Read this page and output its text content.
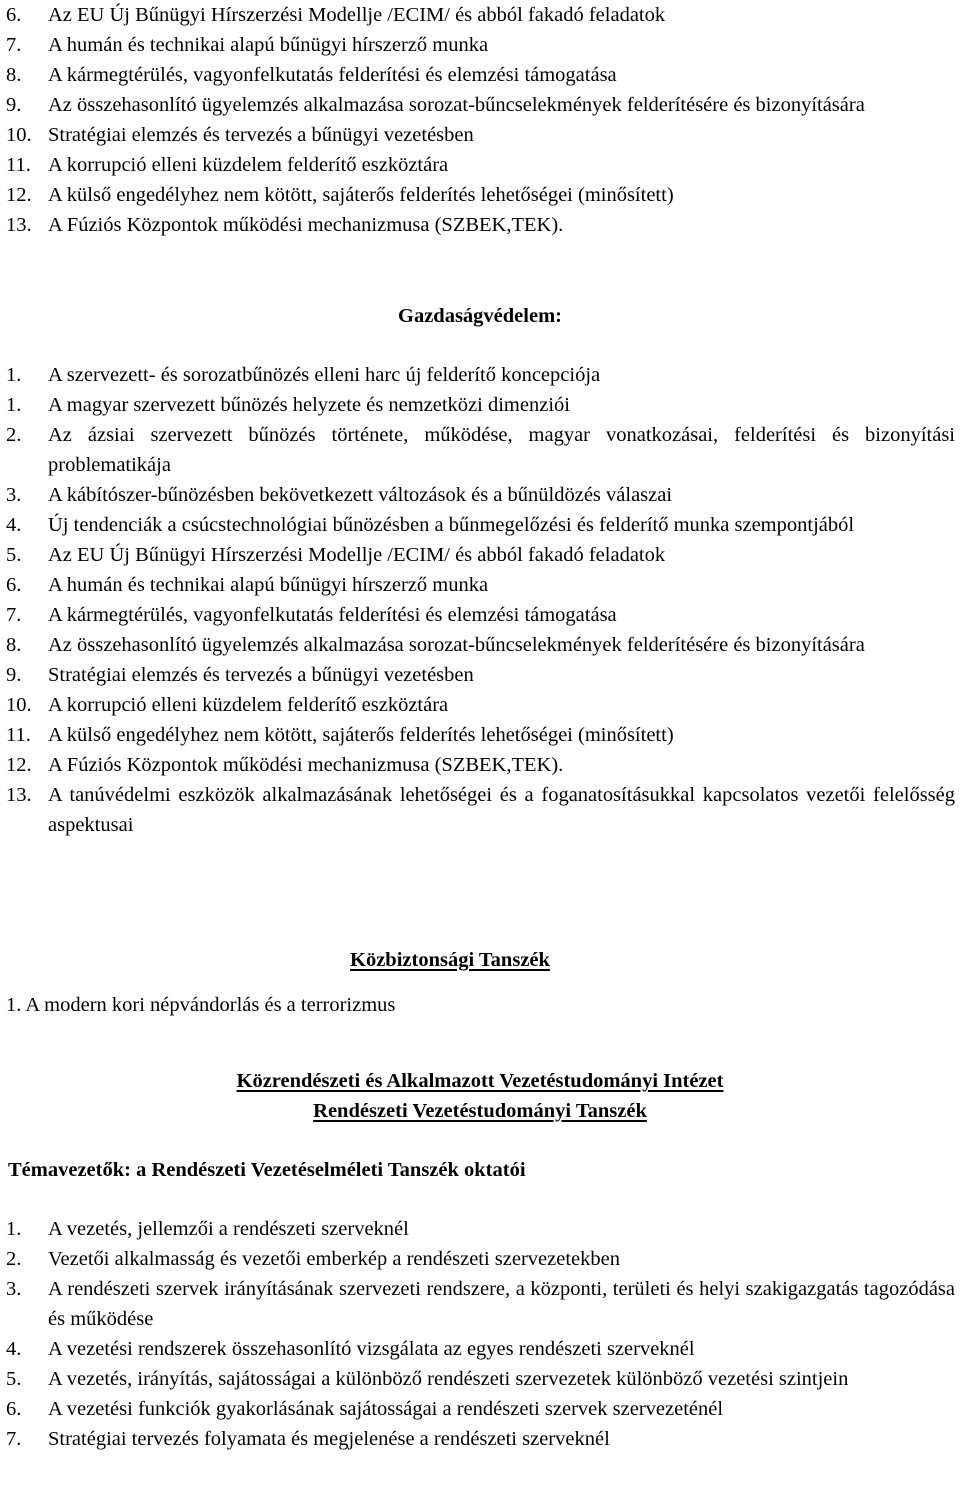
6.	Az EU Új Bűnügyi Hírszerzési Modellje /ECIM/ és abból fakadó feladatok
7.	A humán és technikai alapú bűnügyi hírszerző munka
8.	A kármegtérülés, vagyonfelkutatás felderítési és elemzési támogatása
9.	Az összehasonlító ügyelemzés alkalmazása sorozat-bűncselekmények felderítésére és bizonyítására
10. Stratégiai elemzés és tervezés a bűnügyi vezetésben
11. A korrupció elleni küzdelem felderítő eszköztára
12. A külső engedélyhez nem kötött, sajáterős felderítés lehetőségei (minősített)
13. A Fúziós Központok működési mechanizmusa (SZBEK,TEK).
Gazdaságvédelem:
1.	A szervezett- és sorozatbűnözés elleni harc új felderítő koncepciója
1.	A magyar szervezett bűnözés helyzete és nemzetközi dimenziói
2.	Az ázsiai szervezett bűnözés története, működése, magyar vonatkozásai, felderítési és bizonyítási problematikája
3.	A kábítószer-bűnözésben bekövetkezett változások és a bűnüldözés válaszai
4.	Új tendenciák a csúcstechnológiai bűnözésben a bűnmegelőzési és felderítő munka szempontjából
5.	Az EU Új Bűnügyi Hírszerzési Modellje /ECIM/ és abból fakadó feladatok
6.	A humán és technikai alapú bűnügyi hírszerző munka
7.	A kármegtérülés, vagyonfelkutatás felderítési és elemzési támogatása
8.	Az összehasonlító ügyelemzés alkalmazása sorozat-bűncselekmények felderítésére és bizonyítására
9.	Stratégiai elemzés és tervezés a bűnügyi vezetésben
10. A korrupció elleni küzdelem felderítő eszköztára
11. A külső engedélyhez nem kötött, sajáterős felderítés lehetőségei (minősített)
12. A Fúziós Központok működési mechanizmusa (SZBEK,TEK).
13. A tanúvédelmi eszközök alkalmazásának lehetőségei és a foganatosításukkal kapcsolatos vezetői felelősség aspektusai
Közbiztonsági Tanszék
1. A modern kori népvándorlás és a terrorizmus
Közrendészeti és Alkalmazott Vezetéstudományi Intézet
Rendészeti Vezetéstudományi Tanszék
Témavezetők: a Rendészeti Vezetéselméleti Tanszék oktatói
1.	A vezetés, jellemzői a rendészeti szerveknél
2.	Vezetői alkalmasság és vezetői emberkép a rendészeti szervezetekben
3.	A rendészeti szervek irányításának szervezeti rendszere, a központi, területi és helyi szakigazgatás tagozódása és működése
4.	A vezetési rendszerek összehasonlító vizsgálata az egyes rendészeti szerveknél
5.	A vezetés, irányítás, sajátosságai a különböző rendészeti szervezetek különböző vezetési szintjein
6.	A vezetési funkciók gyakorlásának sajátosságai a rendészeti szervek szervezeténél
7.	Stratégiai tervezés folyamata és megjelenése a rendészeti szerveknél
